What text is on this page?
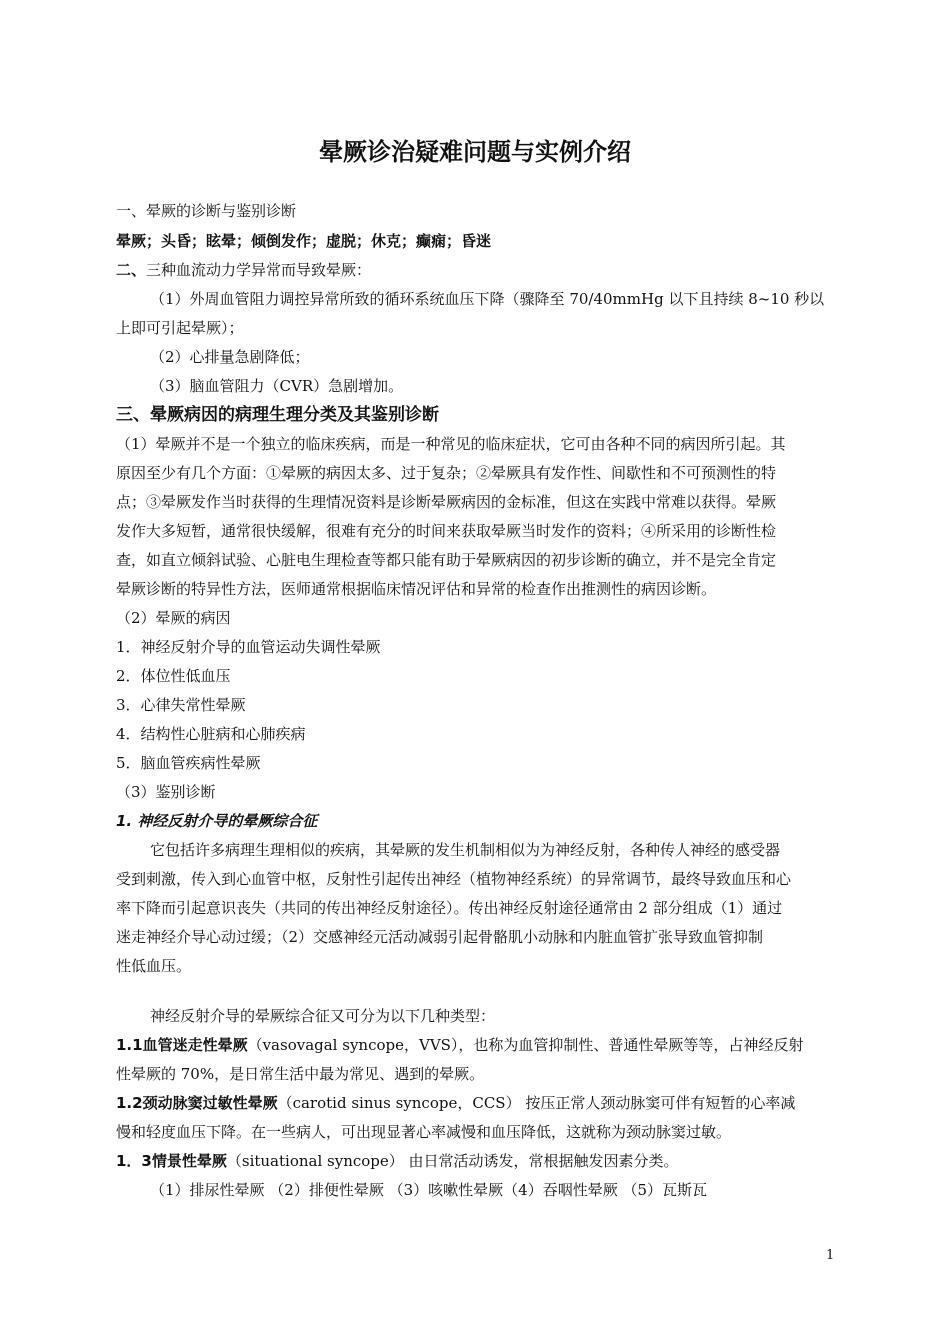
晕厥诊治疑难问题与实例介绍
一、晕厥的诊断与鉴别诊断
晕厥；头昏；眩晕；倾倒发作；虚脱；休克；癫痫；昏迷
二、三种血流动力学异常而导致晕厥：
（1）外周血管阻力调控异常所致的循环系统血压下降（骤降至 70/40mmHg 以下且持续 8~10 秒以
上即可引起晕厥）；
（2）心排量急剧降低；
（3）脑血管阻力（CVR）急剧增加。
三、晕厥病因的病理生理分类及其鉴别诊断
（1）晕厥并不是一个独立的临床疾病，而是一种常见的临床症状，它可由各种不同的病因所引起。其
原因至少有几个方面：①晕厥的病因太多、过于复杂；②晕厥具有发作性、间歇性和不可预测性的特
点；③晕厥发作当时获得的生理情况资料是诊断晕厥病因的金标准，但这在实践中常难以获得。晕厥
发作大多短暂，通常很快缓解，很难有充分的时间来获取晕厥当时发作的资料；④所采用的诊断性检
查，如直立倾斜试验、心脏电生理检查等都只能有助于晕厥病因的初步诊断的确立，并不是完全肯定
晕厥诊断的特异性方法，医师通常根据临床情况评估和异常的检查作出推测性的病因诊断。
（2）晕厥的病因
1．神经反射介导的血管运动失调性晕厥
2．体位性低血压
3．心律失常性晕厥
4．结构性心脏病和心肺疾病
5．脑血管疾病性晕厥
（3）鉴别诊断
1. 神经反射介导的晕厥综合征
它包括许多病理生理相似的疾病，其晕厥的发生机制相似为为神经反射，各种传人神经的感受器
受到刺激，传入到心血管中枢，反射性引起传出神经（植物神经系统）的异常调节，最终导致血压和心
率下降而引起意识丧失（共同的传出神经反射途径）。传出神经反射途径通常由 2 部分组成（1）通过
迷走神经介导心动过缓；（2）交感神经元活动减弱引起骨骼肌小动脉和内脏血管扩张导致血管抑制
性低血压。
神经反射介导的晕厥综合征又可分为以下几种类型：
1.1血管迷走性晕厥（vasovagal syncope，VVS），也称为血管抑制性、普通性晕厥等等，占神经反射
性晕厥的 70%，是日常生活中最为常见、遇到的晕厥。
1.2颈动脉窦过敏性晕厥（carotid sinus syncope，CCS） 按压正常人颈动脉窦可伴有短暂的心率减
慢和轻度血压下降。在一些病人，可出现显著心率减慢和血压降低，这就称为颈动脉窦过敏。
1．3情景性晕厥（situational syncope） 由日常活动诱发，常根据触发因素分类。
（1）排尿性晕厥 （2）排便性晕厥 （3）咳嗽性晕厥（4）吞咽性晕厥 （5）瓦斯瓦
1
